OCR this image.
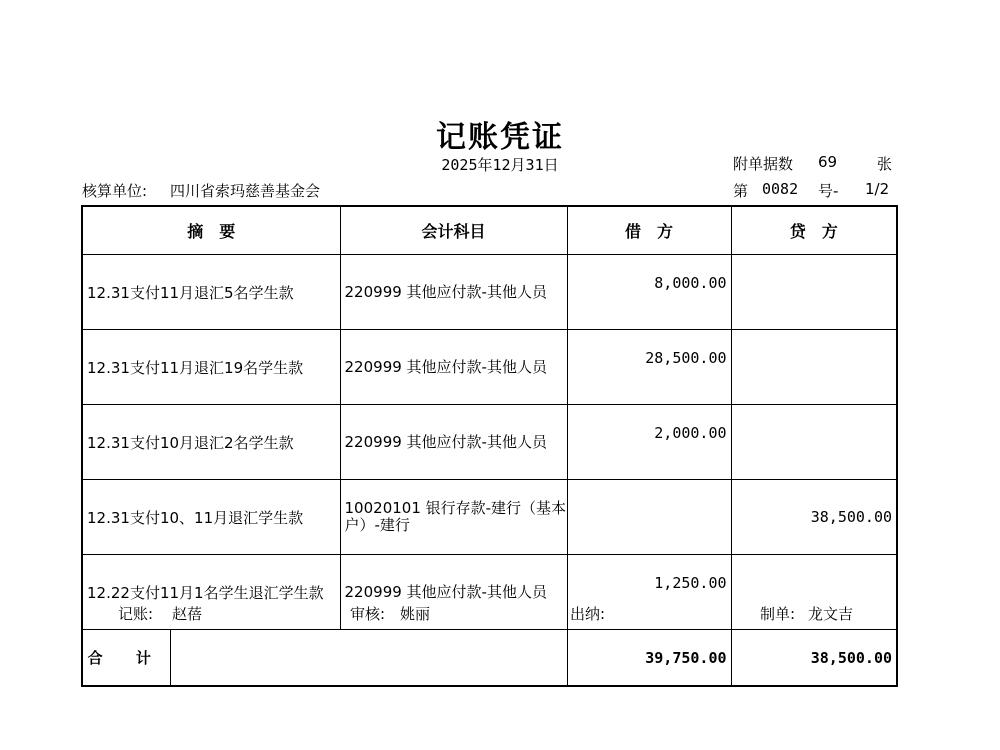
记账凭证
2025年12月31日	附单据数 69	张
核算单位: 四川省索玛慈善基金会	第 0082 号- 1/2
摘　要		会计科目	借　方	贷　方
12.31支付11月退汇5名学生款		220999 其他应付款-其他人员	8,000.00	
12.31支付11月退汇19名学生款		220999 其他应付款-其他人员	28,500.00	
12.31支付10月退汇2名学生款		220999 其他应付款-其他人员	2,000.00	
12.31支付10、11月退汇学生款		10020101 银行存款-建行（基本户）-建行		38,500.00
12.22支付11月1名学生退汇学生款		220999 其他应付款-其他人员	1,250.00	
合 计			39,750.00	38,500.00
记账: 赵蓓	审核: 姚丽	出纳:	制单: 龙文吉
